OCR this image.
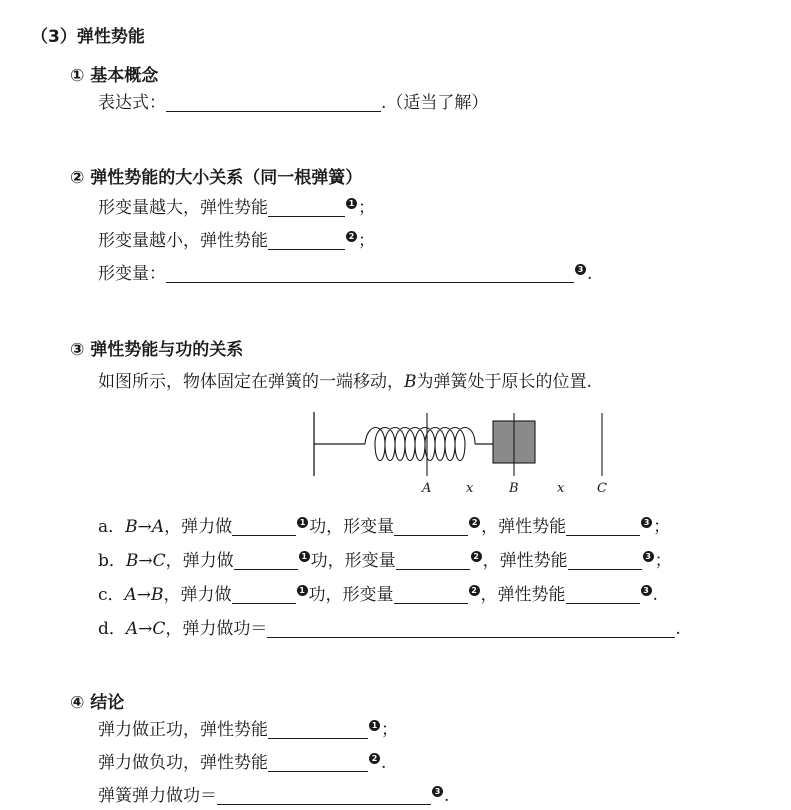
（3）弹性势能
① 基本概念
表达式：	.（适当了解）
② 弹性势能的大小关系（同一根弹簧）
形变量越大，弹性势能	1 ；
形变量越小，弹性势能	2 ；
形变量：	3 .
③ 弹性势能与功的关系
如图所示，物体固定在弹簧的一端移动， B 为弹簧处于原长的位置.
A	x	B	x	C
a． B→A ，弹力做	1 功，形变量	2 ，弹性势能	3 ；
b． B→C ，弹力做	1 功，形变量	2 ，弹性势能	3 ；
c． A→B ，弹力做	1 功，形变量	2 ，弹性势能	3 .
d． A→C ，弹力做功＝	.
④ 结论
弹力做正功，弹性势能	1 ；
弹力做负功，弹性势能	2 .
弹簧弹力做功＝	3 .
